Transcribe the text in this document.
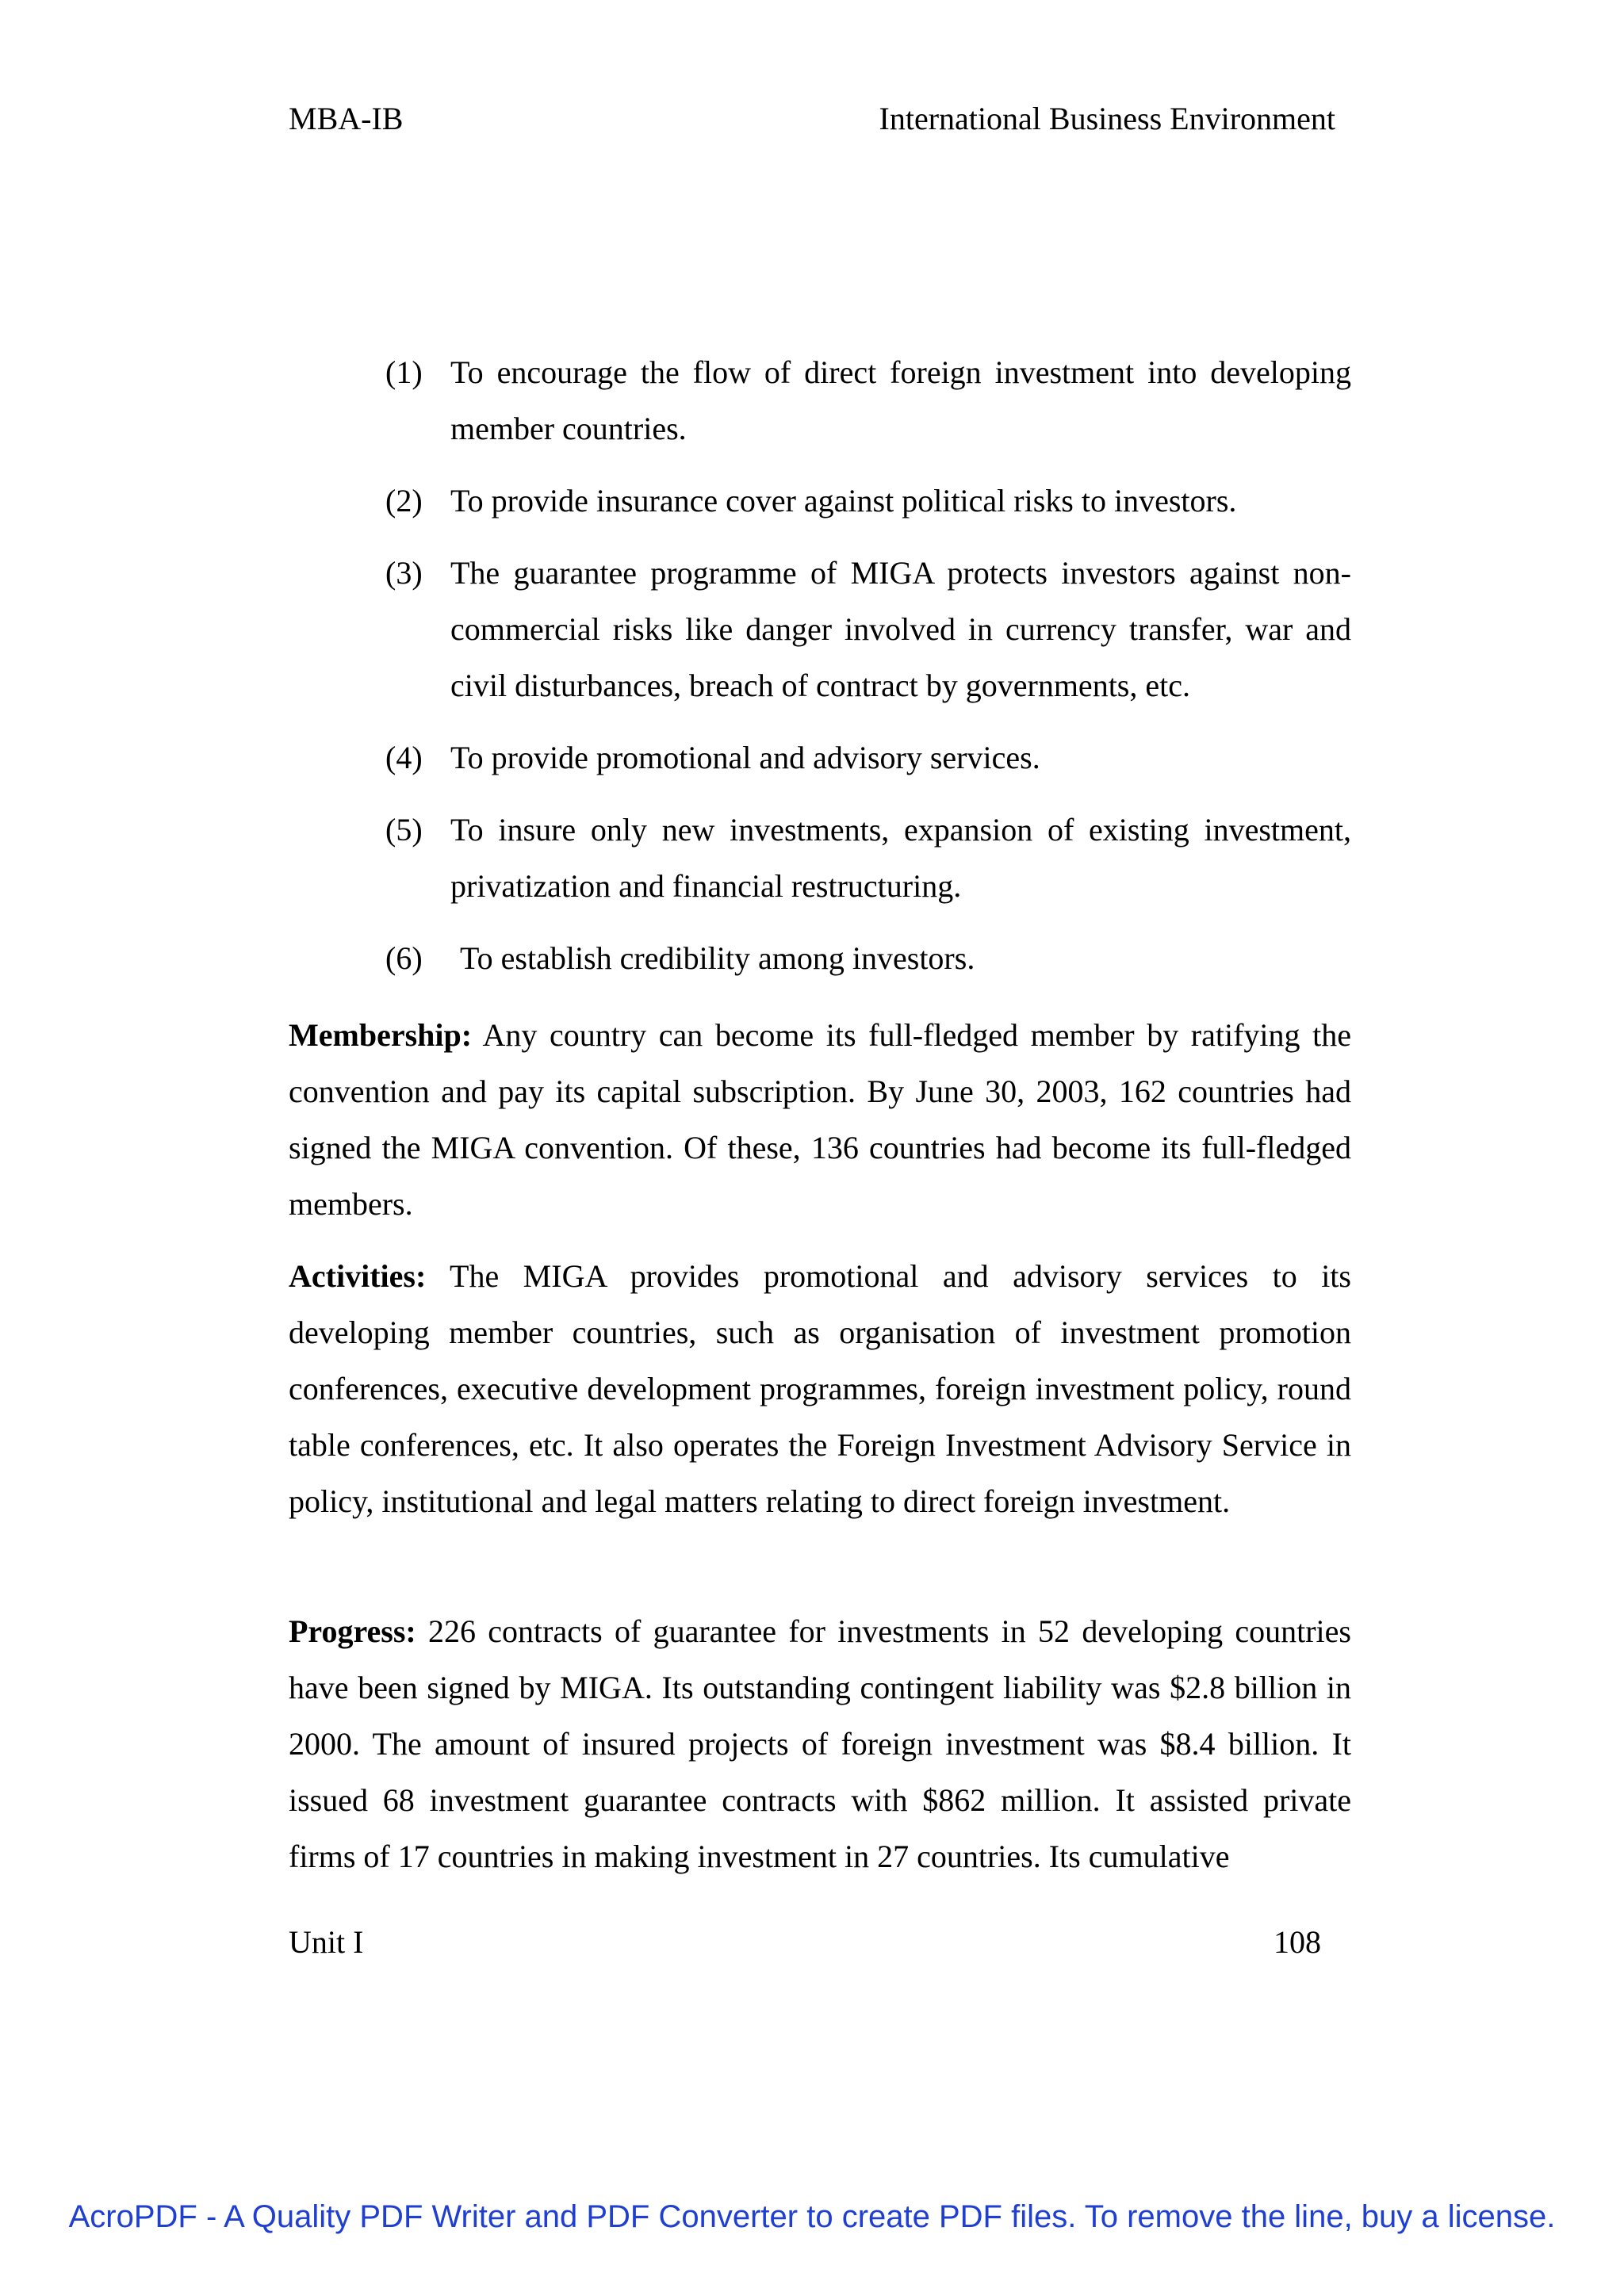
MBA-IB	International Business Environment
(1) To encourage the flow of direct foreign investment into developing member countries.
(2) To provide insurance cover against political risks to investors.
(3) The guarantee programme of MIGA protects investors against non-commercial risks like danger involved in currency transfer, war and civil disturbances, breach of contract by governments, etc.
(4) To provide promotional and advisory services.
(5) To insure only new investments, expansion of existing investment, privatization and financial restructuring.
(6) To establish credibility among investors.

Membership: Any country can become its full-fledged member by ratifying the convention and pay its capital subscription. By June 30, 2003, 162 countries had signed the MIGA convention. Of these, 136 countries had become its full-fledged members.

Activities: The MIGA provides promotional and advisory services to its developing member countries, such as organisation of investment promotion conferences, executive development programmes, foreign investment policy, round table conferences, etc. It also operates the Foreign Investment Advisory Service in policy, institutional and legal matters relating to direct foreign investment.

Progress: 226 contracts of guarantee for investments in 52 developing countries have been signed by MIGA. Its outstanding contingent liability was $2.8 billion in 2000. The amount of insured projects of foreign investment was $8.4 billion. It issued 68 investment guarantee contracts with $862 million. It assisted private firms of 17 countries in making investment in 27 countries. Its cumulative

Unit I	108
AcroPDF - A Quality PDF Writer and PDF Converter to create PDF files. To remove the line, buy a license.
